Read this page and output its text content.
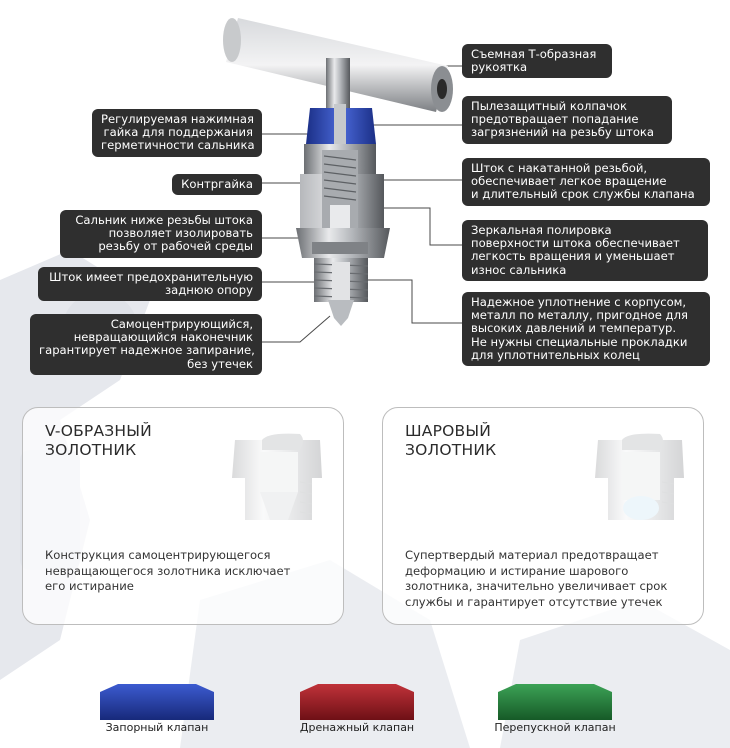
Регулируемая нажимная
гайка для поддержания
герметичности сальника
Контргайка
Сальник ниже резьбы штока
позволяет изолировать
резьбу от рабочей среды
Шток имеет предохранительную
заднюю опору
Самоцентрирующийся,
невращающийся наконечник
гарантирует надежное запирание,
без утечек
Съемная Т-образная
рукоятка
Пылезащитный колпачок
предотвращает попадание
загрязнений на резьбу штока
Шток с накатанной резьбой,
обеспечивает легкое вращение
и длительный срок службы клапана
Зеркальная полировка
поверхности штока обеспечивает
легкость вращения и уменьшает
износ сальника
Надежное уплотнение с корпусом,
металл по металлу, пригодное для
высоких давлений и температур.
Не нужны специальные прокладки
для уплотнительных колец
V-ОБРАЗНЫЙ
ЗОЛОТНИК
Конструкция самоцентрирующегося
невращающегося золотника исключает
его истирание
ШАРОВЫЙ
ЗОЛОТНИК
Супертвердый материал предотвращает
деформацию и истирание шарового
золотника, значительно увеличивает срок
службы и гарантирует отсутствие утечек
Запорный клапан	Дренажный клапан	Перепускной клапан
